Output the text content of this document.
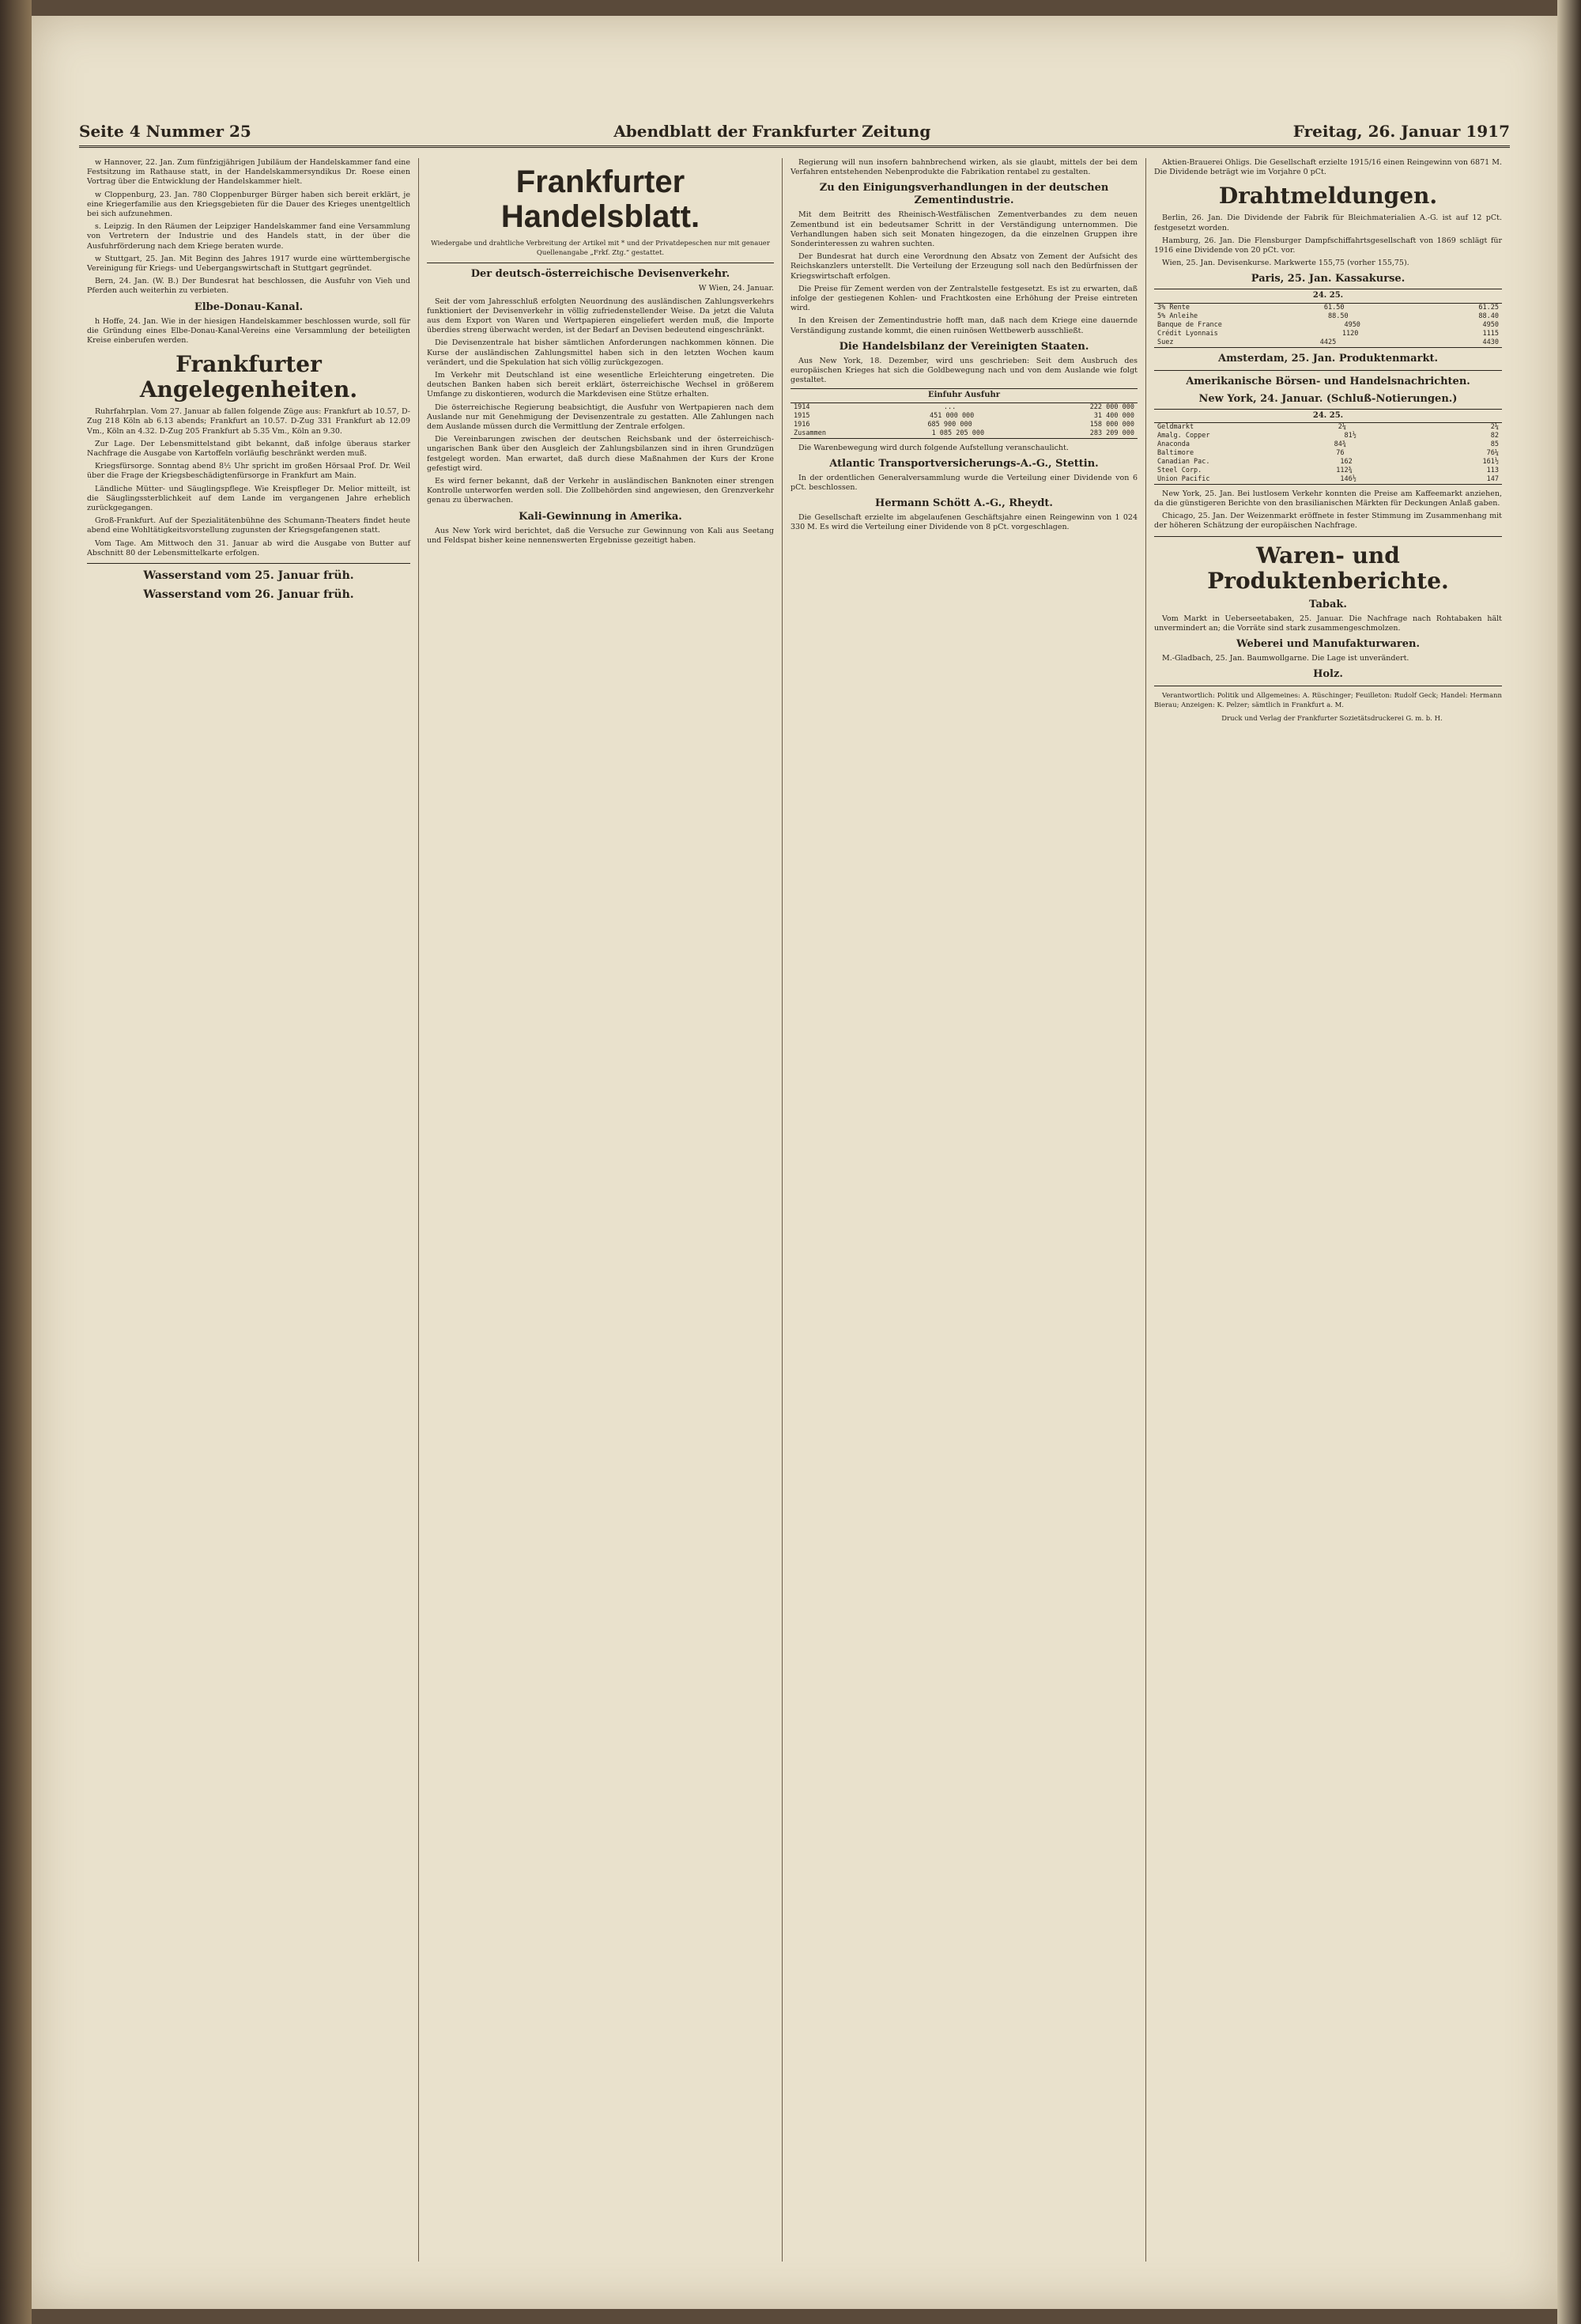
Seite 4 Nummer 25	Abendblatt der Frankfurter Zeitung	Freitag, 26. Januar 1917

w Hannover, 22. Jan. Zum fünfzigjährigen Jubiläum der Handelskammer fand eine Festsitzung im Rathause statt, in der Handelskammersyndikus Dr. Roese einen Vortrag über die Entwicklung der Handelskammer hielt.

w Cloppenburg, 23. Jan. 780 Cloppenburger Bürger haben sich bereit erklärt, je eine Kriegerfamilie aus den Kriegsgebieten für die Dauer des Krieges unentgeltlich bei sich aufzunehmen.

s. Leipzig. In den Räumen der Leipziger Handelskammer fand eine Versammlung von Vertretern der Industrie und des Handels statt, in der über die Ausfuhrförderung nach dem Kriege beraten wurde.

w Stuttgart, 25. Jan. Mit Beginn des Jahres 1917 wurde eine württembergische Vereinigung für Kriegs- und Uebergangswirtschaft in Stuttgart gegründet.

Bern, 24. Jan. (W. B.) Der Bundesrat hat beschlossen, die Ausfuhr von Vieh und Pferden auch weiterhin zu verbieten.

Elbe-Donau-Kanal.

h Hoffe, 24. Jan. Wie in der hiesigen Handelskammer beschlossen wurde, soll für die Gründung eines Elbe-Donau-Kanal-Vereins eine Versammlung der beteiligten Kreise einberufen werden.

Frankfurter Angelegenheiten.

Ruhrfahrplan. Vom 27. Januar ab fallen folgende Züge aus: Frankfurt ab 10.57, D-Zug 218 Köln ab 6.13 abends; Frankfurt an 10.57. D-Zug 331 Frankfurt ab 12.09 Vm., Köln an 4.32. D-Zug 205 Frankfurt ab 5.35 Vm., Köln an 9.30.

Zur Lage. Der Lebensmittelstand gibt bekannt, daß infolge überaus starker Nachfrage die Ausgabe von Kartoffeln vorläufig beschränkt werden muß.

Kriegsfürsorge. Sonntag abend 8½ Uhr spricht im großen Hörsaal Prof. Dr. Weil über die Frage der Kriegsbeschädigtenfürsorge in Frankfurt am Main.

Ländliche Mütter- und Säuglingspflege. Wie Kreispfleger Dr. Melior mitteilt, ist die Säuglingssterblichkeit auf dem Lande im vergangenen Jahre erheblich zurückgegangen.

Groß-Frankfurt. Auf der Spezialitätenbühne des Schumann-Theaters findet heute abend eine Wohltätigkeitsvorstellung zugunsten der Kriegsgefangenen statt.

Vom Tage. Am Mittwoch den 31. Januar ab wird die Ausgabe von Butter auf Abschnitt 80 der Lebensmittelkarte erfolgen.

Wasserstand vom 25. Januar früh.
Wasserstand vom 26. Januar früh.
Frankfurter Handelsblatt.

Wiedergabe und drahtliche Verbreitung der Artikel mit * und der Privatdepeschen nur mit genauer Quellenangabe „Frkf. Ztg.“ gestattet.

Der deutsch-österreichische Devisenverkehr.

W Wien, 24. Januar.

Seit der vom Jahresschluß erfolgten Neuordnung des ausländischen Zahlungsverkehrs funktioniert der Devisenverkehr in völlig zufriedenstellender Weise. Da jetzt die Valuta aus dem Export von Waren und Wertpapieren eingeliefert werden muß, die Importe überdies streng überwacht werden, ist der Bedarf an Devisen bedeutend eingeschränkt.

Die Devisenzentrale hat bisher sämtlichen Anforderungen nachkommen können. Die Kurse der ausländischen Zahlungsmittel haben sich in den letzten Wochen kaum verändert, und die Spekulation hat sich völlig zurückgezogen.

Im Verkehr mit Deutschland ist eine wesentliche Erleichterung eingetreten. Die deutschen Banken haben sich bereit erklärt, österreichische Wechsel in größerem Umfange zu diskontieren, wodurch die Markdevisen eine Stütze erhalten.

Die österreichische Regierung beabsichtigt, die Ausfuhr von Wertpapieren nach dem Auslande nur mit Genehmigung der Devisenzentrale zu gestatten. Alle Zahlungen nach dem Auslande müssen durch die Vermittlung der Zentrale erfolgen.

Die Vereinbarungen zwischen der deutschen Reichsbank und der österreichisch-ungarischen Bank über den Ausgleich der Zahlungsbilanzen sind in ihren Grundzügen festgelegt worden. Man erwartet, daß durch diese Maßnahmen der Kurs der Krone gefestigt wird.

Es wird ferner bekannt, daß der Verkehr in ausländischen Banknoten einer strengen Kontrolle unterworfen werden soll. Die Zollbehörden sind angewiesen, den Grenzverkehr genau zu überwachen.

Kali-Gewinnung in Amerika.

Aus New York wird berichtet, daß die Versuche zur Gewinnung von Kali aus Seetang und Feldspat bisher keine nennenswerten Ergebnisse gezeitigt haben.

Regierung will nun insofern bahnbrechend wirken, als sie glaubt, mittels der bei dem Verfahren entstehenden Nebenprodukte die Fabrikation rentabel zu gestalten.

Zu den Einigungsverhandlungen in der deutschen Zementindustrie.

Mit dem Beitritt des Rheinisch-Westfälischen Zementverbandes zu dem neuen Zementbund ist ein bedeutsamer Schritt in der Verständigung unternommen. Die Verhandlungen haben sich seit Monaten hingezogen, da die einzelnen Gruppen ihre Sonderinteressen zu wahren suchten.

Der Bundesrat hat durch eine Verordnung den Absatz von Zement der Aufsicht des Reichskanzlers unterstellt. Die Verteilung der Erzeugung soll nach den Bedürfnissen der Kriegswirtschaft erfolgen.

Die Preise für Zement werden von der Zentralstelle festgesetzt. Es ist zu erwarten, daß infolge der gestiegenen Kohlen- und Frachtkosten eine Erhöhung der Preise eintreten wird.

In den Kreisen der Zementindustrie hofft man, daß nach dem Kriege eine dauernde Verständigung zustande kommt, die einen ruinösen Wettbewerb ausschließt.

Die Handelsbilanz der Vereinigten Staaten.

Aus New York, 18. Dezember, wird uns geschrieben: Seit dem Ausbruch des europäischen Krieges hat sich die Goldbewegung nach und von dem Auslande wie folgt gestaltet.

Einfuhr Ausfuhr
1914	...	222 000 000
1915	451 000 000	31 400 000
1916	685 900 000	158 000 000
Zusammen	1 085 205 000	283 209 000

Die Warenbewegung wird durch folgende Aufstellung veranschaulicht.

Atlantic Transportversicherungs-A.-G., Stettin.

In der ordentlichen Generalversammlung wurde die Verteilung einer Dividende von 6 pCt. beschlossen.

Hermann Schött A.-G., Rheydt.

Die Gesellschaft erzielte im abgelaufenen Geschäftsjahre einen Reingewinn von 1 024 330 M. Es wird die Verteilung einer Dividende von 8 pCt. vorgeschlagen.

Aktien-Brauerei Ohligs. Die Gesellschaft erzielte 1915/16 einen Reingewinn von 6871 M. Die Dividende beträgt wie im Vorjahre 0 pCt.

Drahtmeldungen.

Berlin, 26. Jan. Die Dividende der Fabrik für Bleichmaterialien A.-G. ist auf 12 pCt. festgesetzt worden.

Hamburg, 26. Jan. Die Flensburger Dampfschiffahrtsgesellschaft von 1869 schlägt für 1916 eine Dividende von 20 pCt. vor.

Wien, 25. Jan. Devisenkurse. Markwerte 155,75 (vorher 155,75).

Paris, 25. Jan. Kassakurse.
24. 25.
3% Rente	61.50	61.25
5% Anleihe	88.50	88.40
Banque de France	4950	4950
Crédit Lyonnais	1120	1115
Suez	4425	4430
Amsterdam, 25. Jan. Produktenmarkt.
Amerikanische Börsen- und Handelsnachrichten.
New York, 24. Januar. (Schluß-Notierungen.)
24. 25.
Geldmarkt	2¼	2¼
Amalg. Copper	81½	82
Anaconda	84¾	85
Baltimore	76	76¼
Canadian Pac.	162	161½
Steel Corp.	112¾	113
Union Pacific	146½	147

New York, 25. Jan. Bei lustlosem Verkehr konnten die Preise am Kaffeemarkt anziehen, da die günstigeren Berichte von den brasilianischen Märkten für Deckungen Anlaß gaben.

Chicago, 25. Jan. Der Weizenmarkt eröffnete in fester Stimmung im Zusammenhang mit der höheren Schätzung der europäischen Nachfrage.

Waren- und Produktenberichte.
Tabak.

Vom Markt in Ueberseetabaken, 25. Januar. Die Nachfrage nach Rohtabaken hält unvermindert an; die Vorräte sind stark zusammengeschmolzen.

Weberei und Manufakturwaren.

M.-Gladbach, 25. Jan. Baumwollgarne. Die Lage ist unverändert.

Holz.

Verantwortlich: Politik und Allgemeines: A. Rüschinger; Feuilleton: Rudolf Geck; Handel: Hermann Bierau; Anzeigen: K. Pelzer; sämtlich in Frankfurt a. M.

Druck und Verlag der Frankfurter Sozietätsdruckerei G. m. b. H.
